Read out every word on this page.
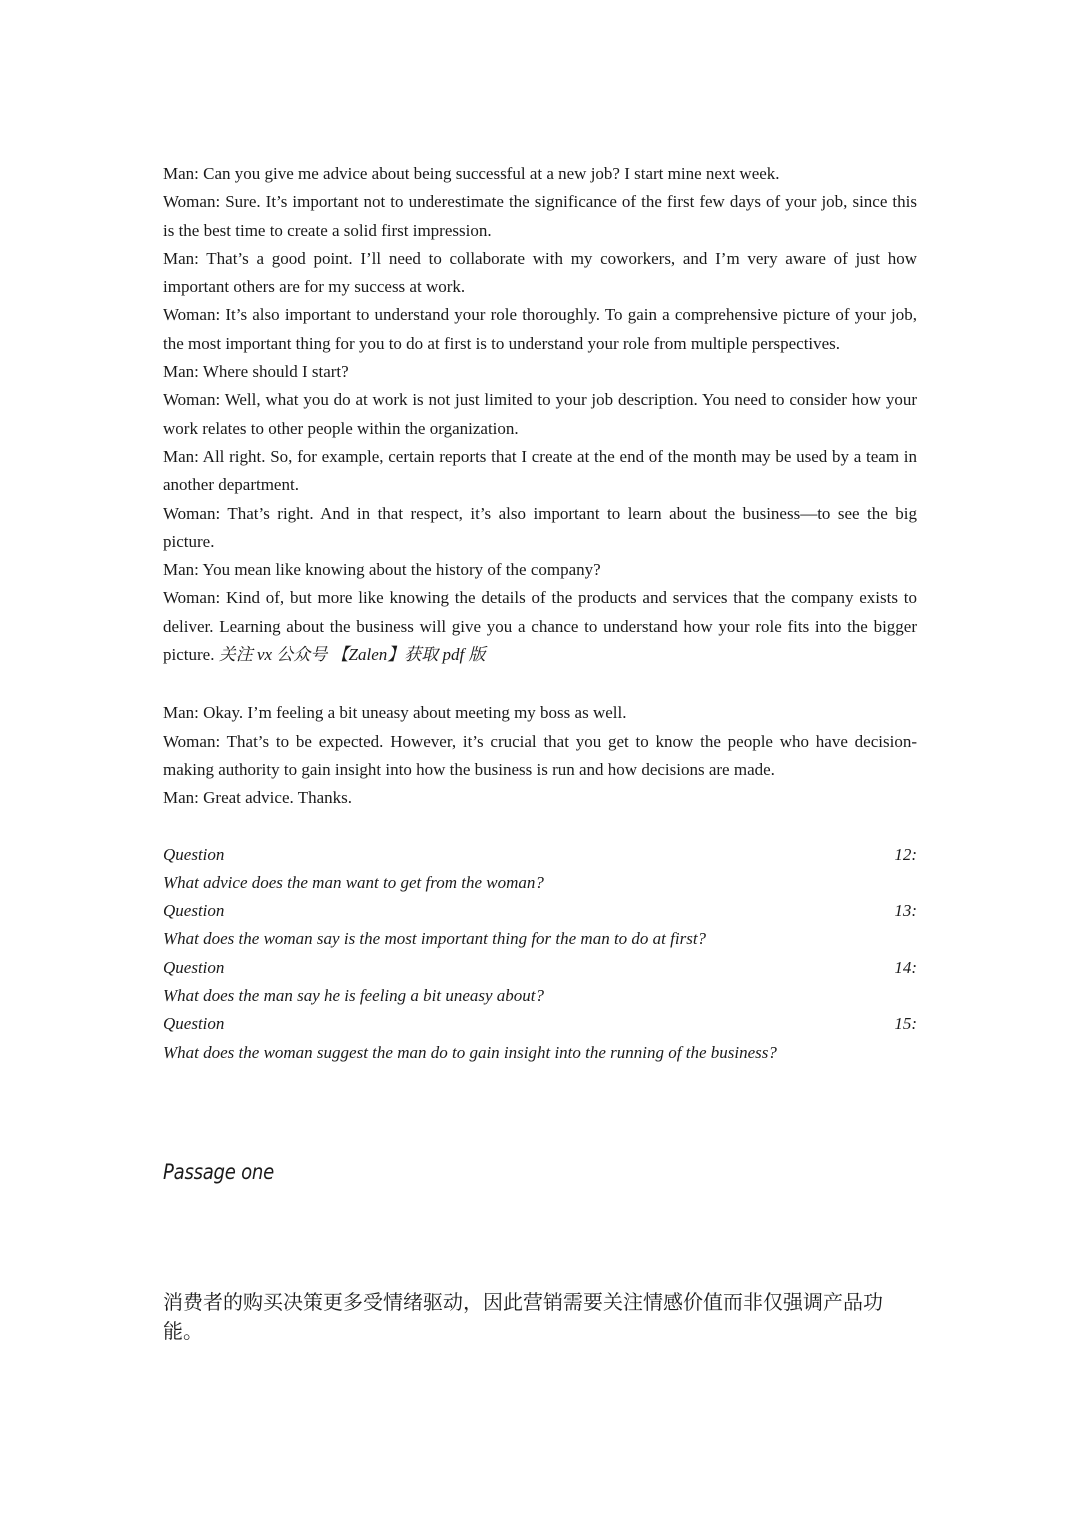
Man: Can you give me advice about being successful at a new job? I start mine next week.

Woman: Sure. It’s important not to underestimate the significance of the first few days of your job, since this is the best time to create a solid first impression.

Man: That’s a good point. I’ll need to collaborate with my coworkers, and I’m very aware of just how important others are for my success at work.

Woman: It’s also important to understand your role thoroughly. To gain a comprehensive picture of your job, the most important thing for you to do at first is to understand your role from multiple perspectives.

Man: Where should I start?

Woman: Well, what you do at work is not just limited to your job description. You need to consider how your work relates to other people within the organization.

Man: All right. So, for example, certain reports that I create at the end of the month may be used by a team in another department.

Woman: That’s right. And in that respect, it’s also important to learn about the business—to see the big picture.

Man: You mean like knowing about the history of the company?

Woman: Kind of, but more like knowing the details of the products and services that the company exists to deliver. Learning about the business will give you a chance to understand how your role fits into the bigger picture. 关注 vx 公众号 【Zalen】获取 pdf 版

Man: Okay. I’m feeling a bit uneasy about meeting my boss as well.

Woman: That’s to be expected. However, it’s crucial that you get to know the people who have decision-making authority to gain insight into how the business is run and how decisions are made.

Man: Great advice. Thanks.

Question	12:

What advice does the man want to get from the woman?

Question	13:

What does the woman say is the most important thing for the man to do at first?

Question	14:

What does the man say he is feeling a bit uneasy about?

Question	15:

What does the woman suggest the man do to gain insight into the running of the business?

Passage one

消费者的购买决策更多受情绪驱动，因此营销需要关注情感价值而非仅强调产品功能。
